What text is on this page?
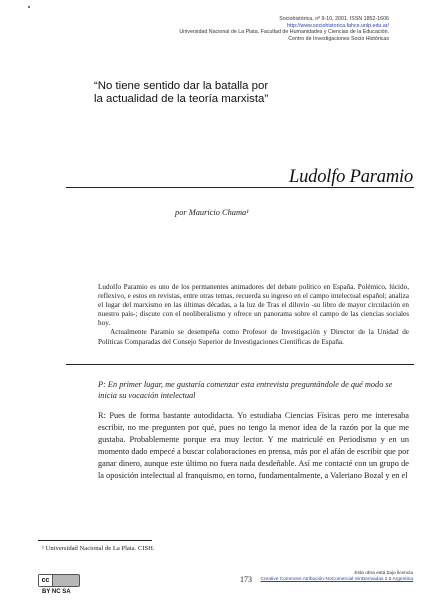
Sociohistórica, nº 9-10, 2001. ISSN 1852-1606
http://www.sociohistorica.fahce.unlp.edu.ar/
Universidad Nacional de La Plata. Facultad de Humanidades y Ciencias de la Educación.
Centro de Investigaciones Socio Históricas
“No tiene sentido dar la batalla por
la actualidad de la teoría marxista”
Ludolfo Paramio
por Mauricio Chama¹

Ludolfo Paramio es uno de los permanentes animadores del debate político en España. Polémico, lúcido, reflexivo, e estos en revistas, entre otras temas, recuerda su ingreso en el campo intelectual español; analiza el lugar del marxismo en las últimas décadas, a la luz de Tras el diluvio -su libro de mayor circulación en nuestro país-; discute con el neoliberalismo y ofrece un panorama sobre el campo de las ciencias sociales hoy.

Actualmente Paramio se desempeña como Profesor de Investigación y Director de la Unidad de Políticas Comparadas del Consejo Superior de Investigaciones Científicas de España.

P: En primer lugar, me gustaría comenzar esta entrevista preguntándole de qué modo se inicia su vocación intelectual
R: Pues de forma bastante autodidacta. Yo estudiaba Ciencias Físicas pero me interesaba escribir, no me pregunten por qué, pues no tengo la menor idea de la razón por la que me gustaba. Probablemente porque era muy lector. Y me matriculé en Periodismo y en un momento dado empecé a buscar colaboraciones en prensa, más por el afán de escribir que por ganar dinero, aunque este último no fuera nada desdeñable. Así me contacté con un grupo de la oposición intelectual al franquismo, en torno, fundamentalmente, a Valeriano Bozal y en el
¹ Universidad Nacional de La Plata. CISH.
ccBY NC SA
173
Esta obra está bajo licencia
Creative Commons Atribución-NoComercial-SinDerivadas 2.5 Argentina
